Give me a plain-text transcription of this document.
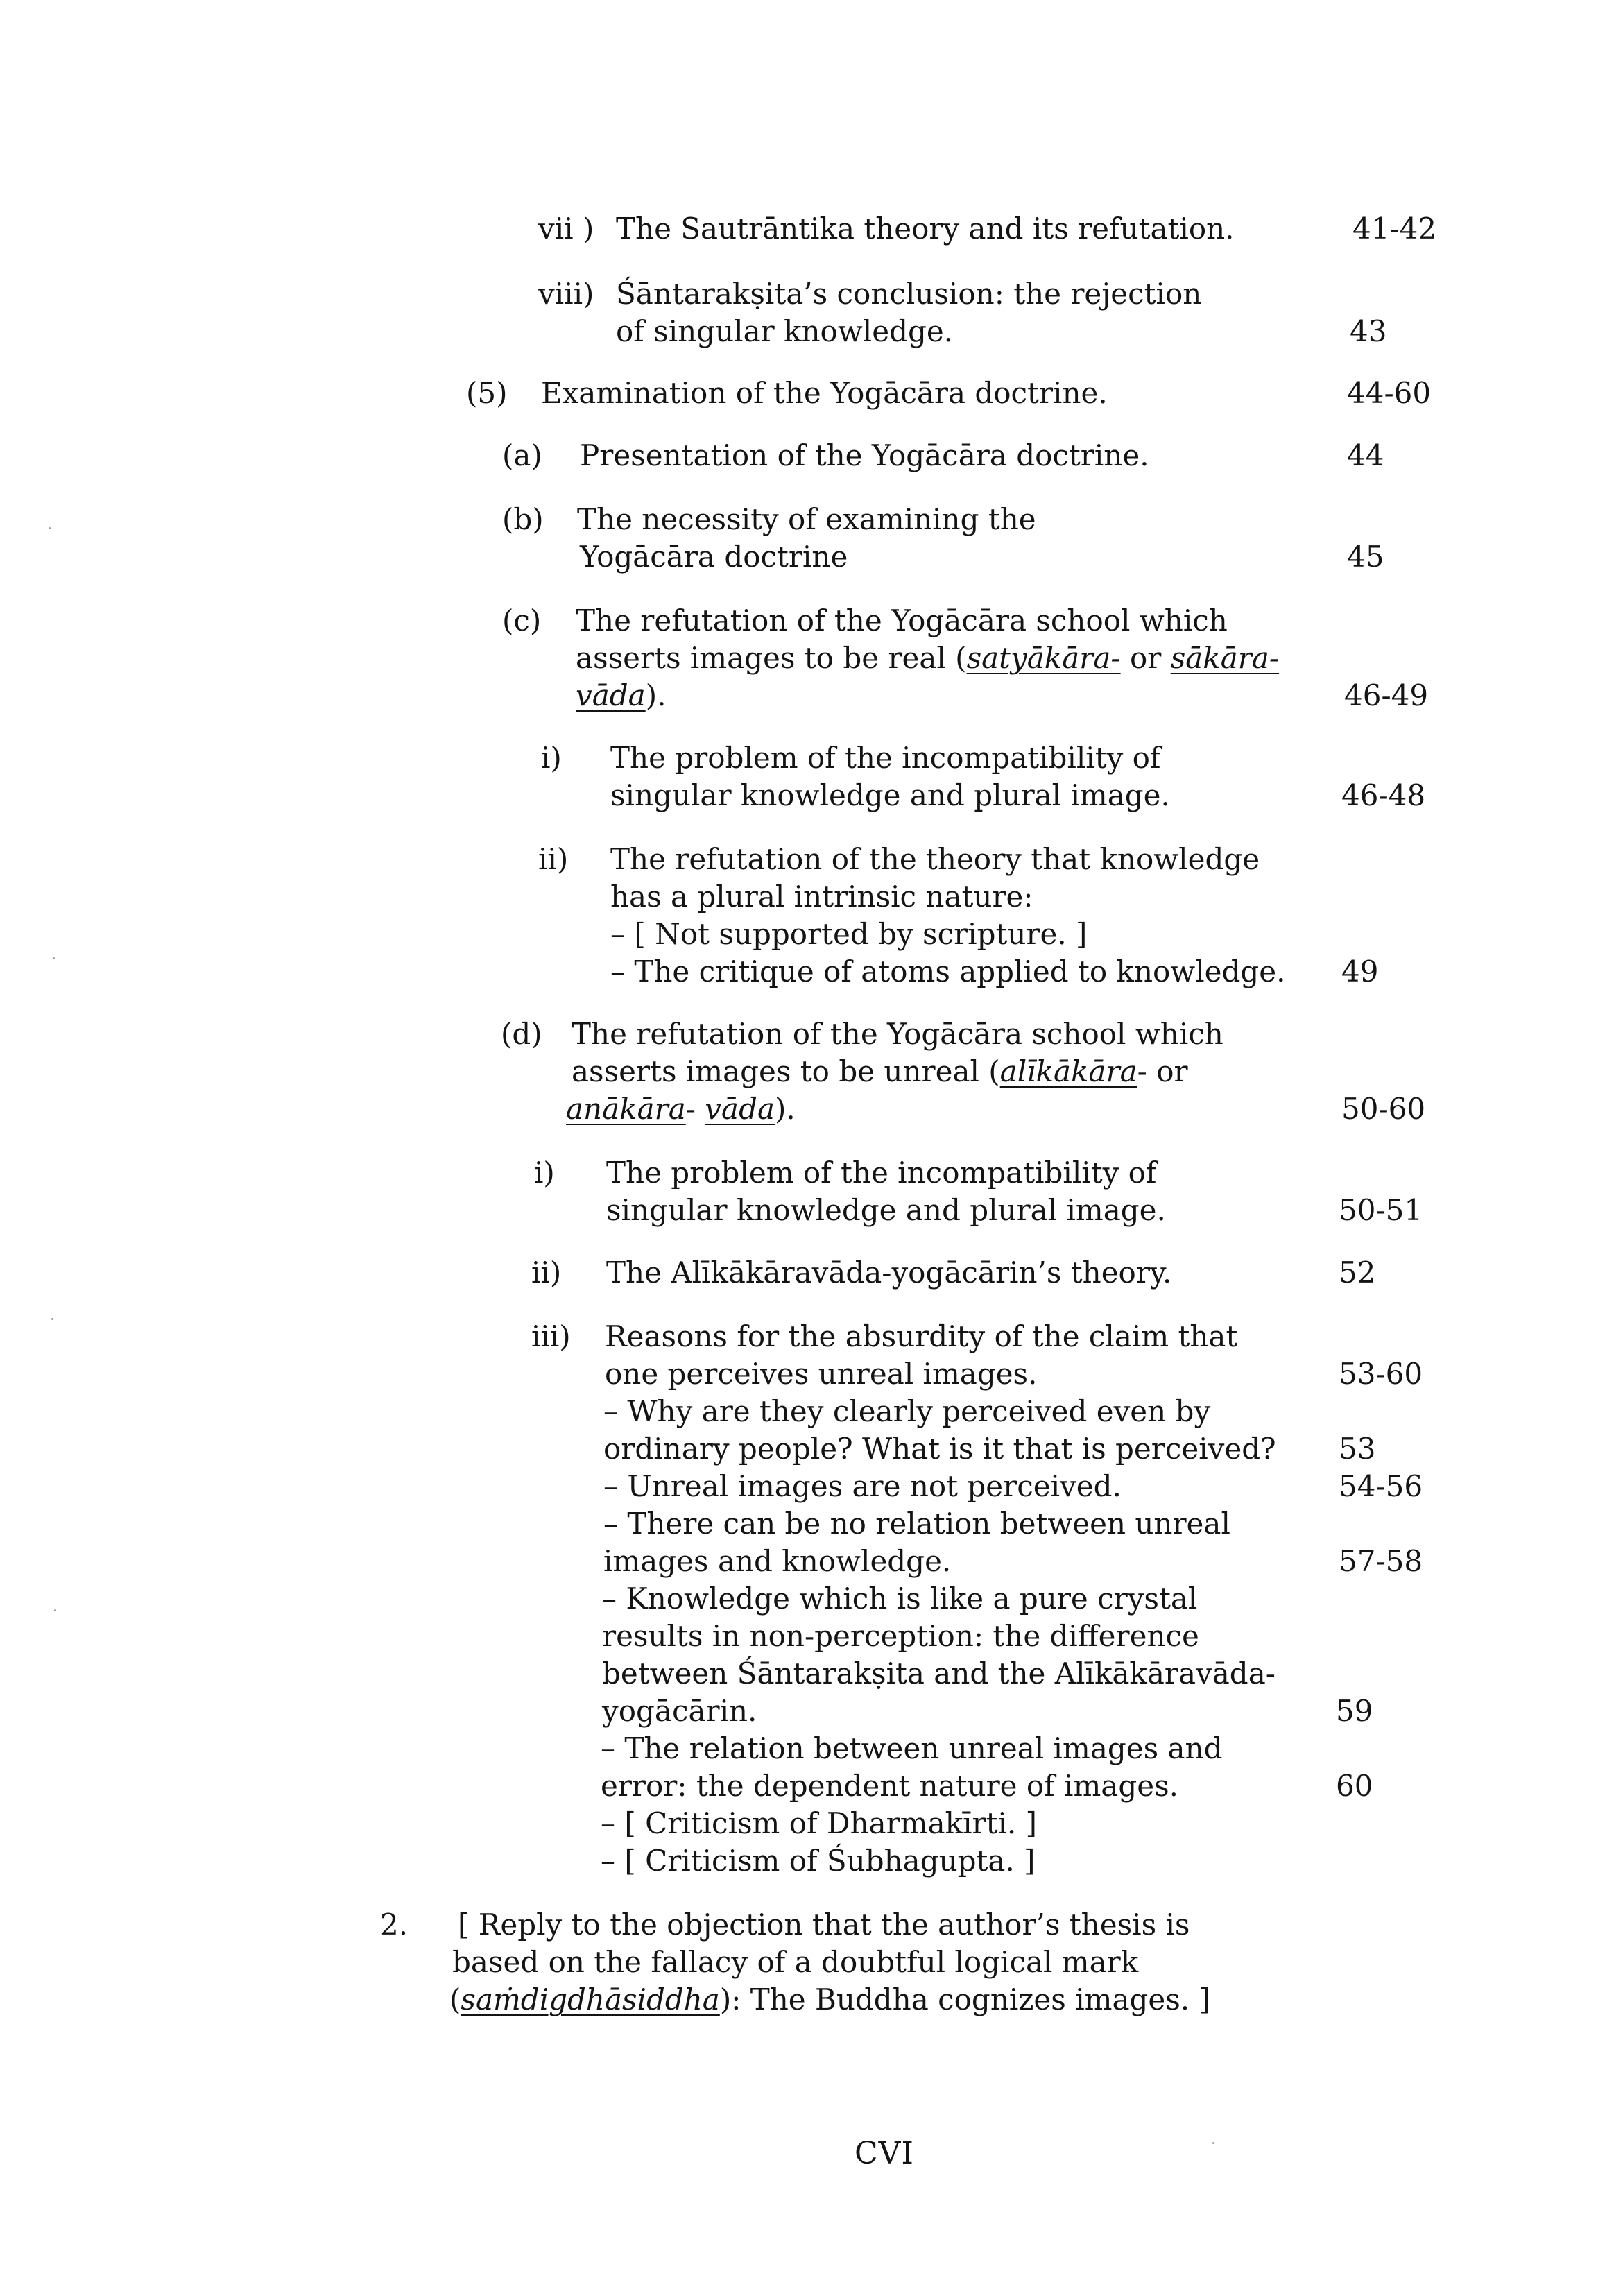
vii ) The Sautrāntika theory and its refutation.	41-42
viii) Śāntarakṣita’s conclusion: the rejection
of singular knowledge.	43
(5) Examination of the Yogācāra doctrine.	44-60
(a) Presentation of the Yogācāra doctrine.	44
(b) The necessity of examining the
Yogācāra doctrine	45
(c) The refutation of the Yogācāra school which
asserts images to be real (satyākāra- or sākāra-
vāda).	46-49
i) The problem of the incompatibility of
singular knowledge and plural image.	46-48
ii) The refutation of the theory that knowledge
has a plural intrinsic nature:
– [ Not supported by scripture. ]
– The critique of atoms applied to knowledge. 49
(d) The refutation of the Yogācāra school which
asserts images to be unreal (alīkākāra- or
anākāra- vāda).	50-60
i) The problem of the incompatibility of
singular knowledge and plural image.	50-51
ii) The Alīkākāravāda-yogācārin’s theory.	52
iii) Reasons for the absurdity of the claim that
one perceives unreal images.	53-60
– Why are they clearly perceived even by
ordinary people? What is it that is perceived? 53
– Unreal images are not perceived.	54-56
– There can be no relation between unreal
images and knowledge.	57-58
– Knowledge which is like a pure crystal
results in non-perception: the difference
between Śāntarakṣita and the Alīkākāravāda-
yogācārin.	59
– The relation between unreal images and
error: the dependent nature of images.	60
– [ Criticism of Dharmakīrti. ]
– [ Criticism of Śubhagupta. ]
2. [ Reply to the objection that the author’s thesis is
based on the fallacy of a doubtful logical mark
(saṁdigdhāsiddha): The Buddha cognizes images. ]
CVI
